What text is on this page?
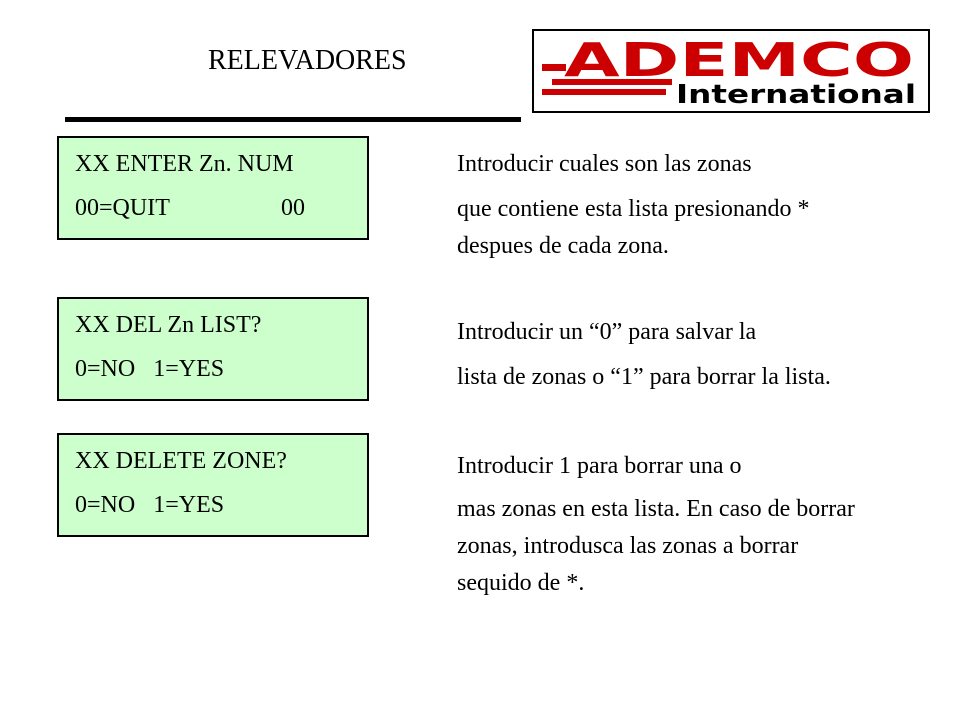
RELEVADORES	ADEMCO
International
XX ENTER Zn. NUM
00=QUIT	00
Introducir cuales son las zonas
que contiene esta lista presionando * despues de cada zona.
XX DEL Zn LIST?
0=NO   1=YES
Introducir un “0” para salvar la
lista de zonas o “1” para borrar la lista.
XX DELETE ZONE?
0=NO   1=YES
Introducir 1 para borrar una o
mas zonas en esta lista. En caso de borrar zonas, introdusca las zonas a borrar sequido de *.
